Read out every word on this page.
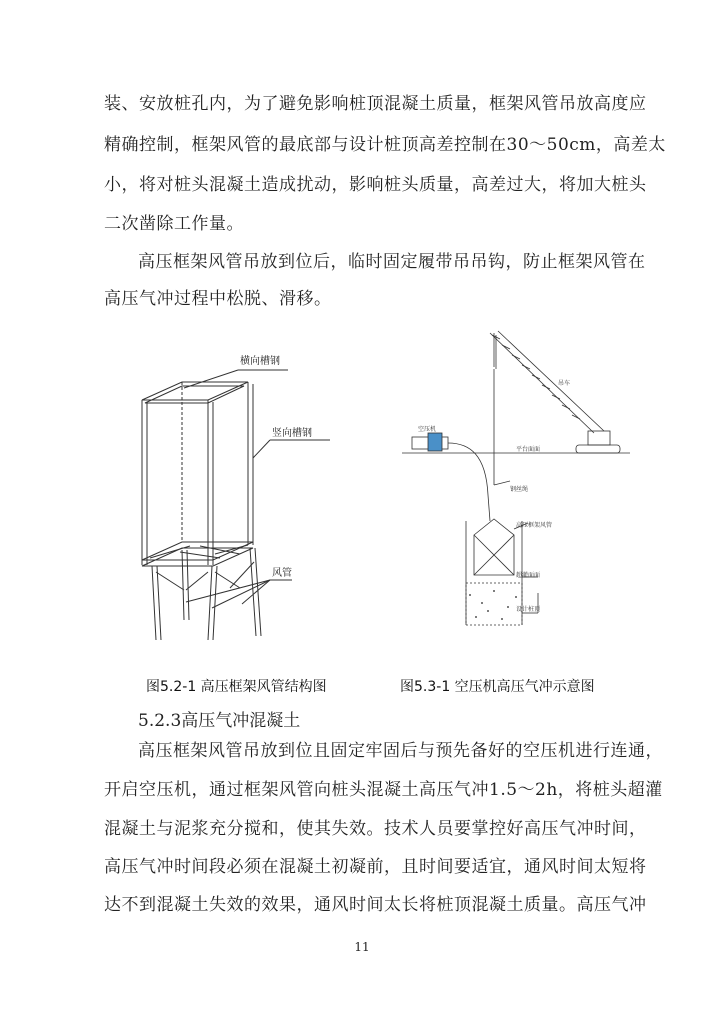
装、安放桩孔内，为了避免影响桩顶混凝土质量，框架风管吊放高度应
精确控制，框架风管的最底部与设计桩顶高差控制在30～50cm，高差太
小，将对桩头混凝土造成扰动，影响桩头质量，高差过大，将加大桩头
二次凿除工作量。
高压框架风管吊放到位后，临时固定履带吊吊钩，防止框架风管在
高压气冲过程中松脱、滑移。
横向槽钢
竖向槽钢
风管
空压机
吊车
平台面面
钢丝绳
高压框架风管
超灌面面
设计桩顶
图5.2-1 高压框架风管结构图	图5.3-1 空压机高压气冲示意图
5.2.3高压气冲混凝土
高压框架风管吊放到位且固定牢固后与预先备好的空压机进行连通，
开启空压机，通过框架风管向桩头混凝土高压气冲1.5～2h，将桩头超灌
混凝土与泥浆充分搅和，使其失效。技术人员要掌控好高压气冲时间，
高压气冲时间段必须在混凝土初凝前，且时间要适宜，通风时间太短将
达不到混凝土失效的效果，通风时间太长将桩顶混凝土质量。高压气冲
11
